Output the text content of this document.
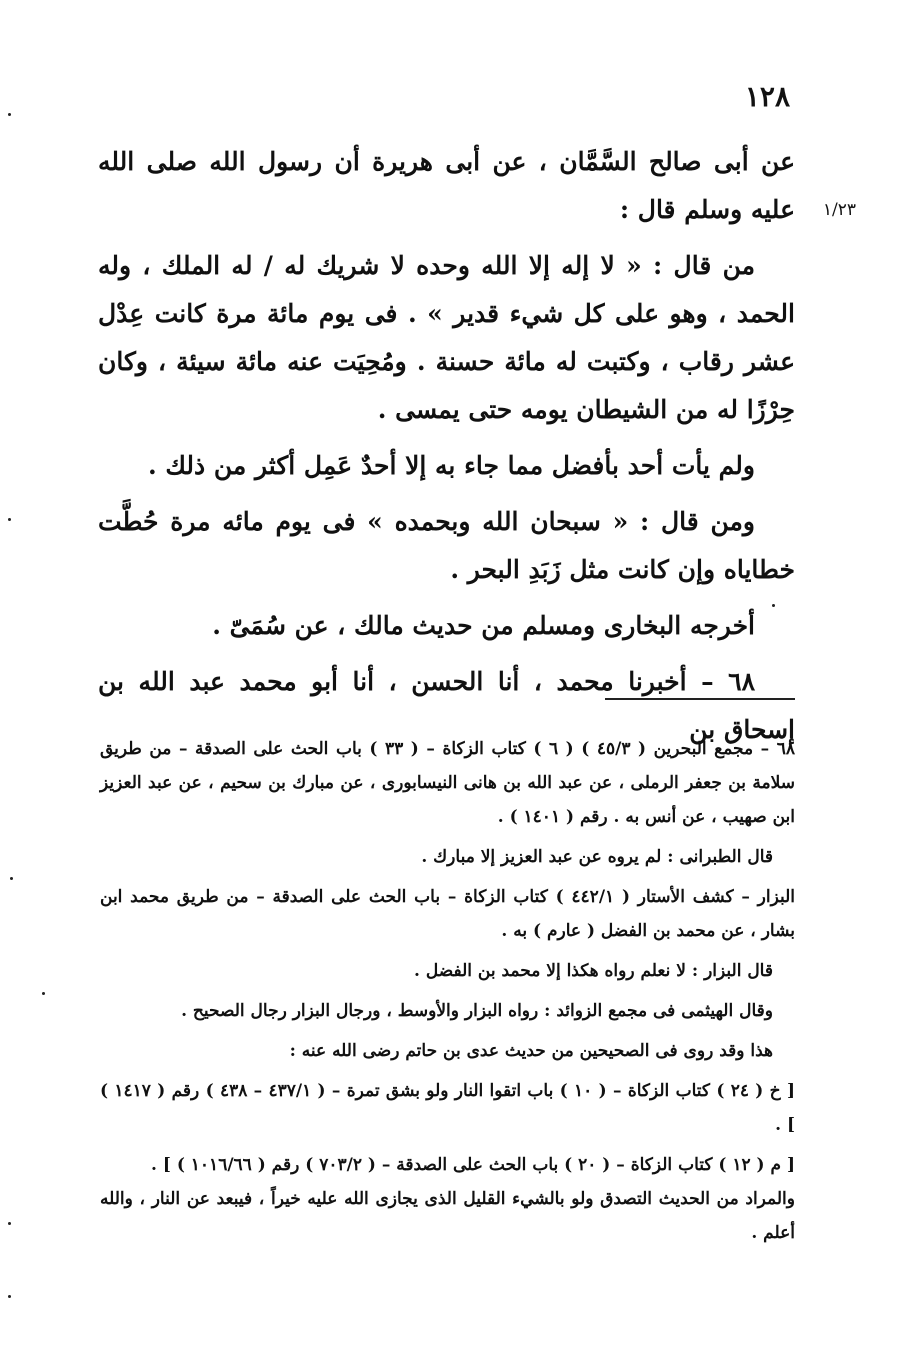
١٢٨
١/٢٣

عن أبى صالح السَّمَّان ، عن أبى هريرة أن رسول الله صلى الله عليه وسلم قال :

من قال : « لا إله إلا الله وحده لا شريك له / له الملك ، وله الحمد ، وهو على كل شيء قدير » . فى يوم مائة مرة كانت عِدْل عشر رقاب ، وكتبت له مائة حسنة . ومُحِيَت عنه مائة سيئة ، وكان حِرْزًا له من الشيطان يومه حتى يمسى .

ولم يأت أحد بأفضل مما جاء به إلا أحدٌ عَمِل أكثر من ذلك .

ومن قال : « سبحان الله وبحمده » فى يوم مائه مرة حُطَّت خطاياه وإن كانت مثل زَبَدِ البحر .

أخرجه البخارى ومسلم من حديث مالك ، عن سُمَىّ .

٦٨ – أخبرنا محمد ، أنا الحسن ، أنا أبو محمد عبد الله بن إسحاق بن

٦٨ – مجمع البحرين ( ٤٥/٣ ) ( ٦ ) كتاب الزكاة – ( ٣٣ ) باب الحث على الصدقة – من طريق سلامة بن جعفر الرملى ، عن عبد الله بن هانى النيسابورى ، عن مبارك بن سحيم ، عن عبد العزيز ابن صهيب ، عن أنس به . رقم ( ١٤٠١ ) .

قال الطبرانى : لم يروه عن عبد العزيز إلا مبارك .

البزار – كشف الأستار ( ٤٤٢/١ ) كتاب الزكاة – باب الحث على الصدقة – من طريق محمد ابن بشار ، عن محمد بن الفضل ( عارم ) به .

قال البزار : لا نعلم رواه هكذا إلا محمد بن الفضل .

وقال الهيثمى فى مجمع الزوائد : رواه البزار والأوسط ، ورجال البزار رجال الصحيح .

هذا وقد روى فى الصحيحين من حديث عدى بن حاتم رضى الله عنه :

[ خ ( ٢٤ ) كتاب الزكاة – ( ١٠ ) باب اتقوا النار ولو بشق تمرة – ( ٤٣٧/١ – ٤٣٨ ) رقم ( ١٤١٧ ) ] .

[ م ( ١٢ ) كتاب الزكاة – ( ٢٠ ) باب الحث على الصدقة – ( ٧٠٣/٢ ) رقم ( ١٠١٦/٦٦ ) ] .

والمراد من الحديث التصدق ولو بالشيء القليل الذى يجازى الله عليه خيراً ، فيبعد عن النار ، والله أعلم .
